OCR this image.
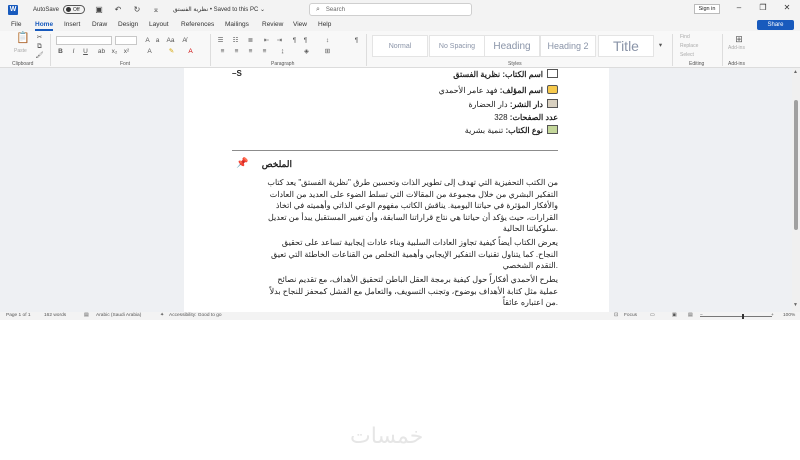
W	AutoSave	Off ▣ ↶ ↻ ⌅ نظرية الفستق • Saved to this PC ⌄	⌕ Search	Sign in	–	❐	✕
File Home Insert Draw Design Layout References Mailings Review View Help	Share
📋
Paste
✂
⧉
🖌
Clipboard
A a	Aa	A̸
B	I	U	ab x₂ x²	A	✎	A
Font
☰ ☷ ≣ ⇤ ⇥	¶	¶	↕	¶
≡	≡	≡	≡	↨	◈	⊞
Paragraph
Normal	No Spacing Heading Heading 2 Title	▾
Styles
Find
Replace
Select
Editing
⊞
Add-ins
Add-ins
▲
▼
–S	اسم الكتاب: نظرية الفستق
اسم المؤلف: فهد عامر الأحمدي
دار النشر: دار الحضارة
عدد الصفحات: 328
نوع الكتاب: تنمية بشرية
📌 الملخص
من الكتب التحفيزية التي تهدف إلى تطوير الذات وتحسين طرق "نظرية الفستق" يعد كتاب
التفكير البشري من خلال مجموعة من المقالات التي تسلط الضوء على العديد من العادات
والأفكار المؤثرة في حياتنا اليومية. يناقش الكاتب مفهوم الوعي الذاتي وأهميته في اتخاذ
القرارات، حيث يؤكد أن حياتنا هي نتاج قراراتنا السابقة، وأن تغيير المستقبل يبدأ من تعديل
.سلوكياتنا الحالية
يعرض الكتاب أيضاً كيفية تجاوز العادات السلبية وبناء عادات إيجابية تساعد على تحقيق
النجاح. كما يتناول تقنيات التفكير الإيجابي وأهمية التخلص من القناعات الخاطئة التي تعيق
.التقدم الشخصي
يطرح الأحمدي أفكاراً حول كيفية برمجة العقل الباطن لتحقيق الأهداف، مع تقديم نصائح
عملية مثل كتابة الأهداف بوضوح، وتجنب التسويف، والتعامل مع الفشل كمحفز للنجاح بدلاً
.من اعتباره عائقاً
Page 1 of 1	162 words	▤ Arabic (Saudi Arabia)	✦ Accessibility: Good to go	⊡ Focus	▭	▣ ▤	+ 100%
خمسات
